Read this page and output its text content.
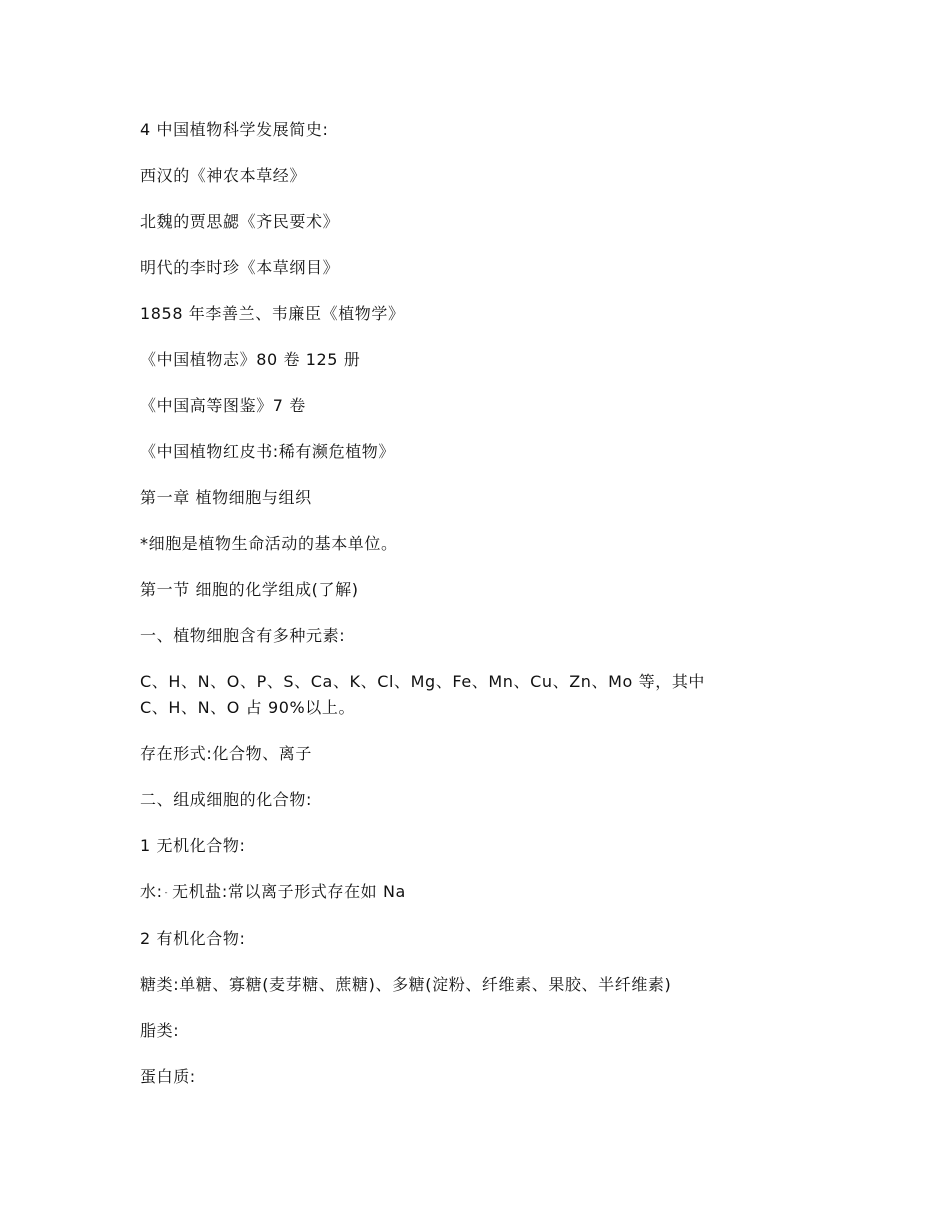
4 中国植物科学发展简史:
西汉的《神农本草经》
北魏的贾思勰《齐民要术》
明代的李时珍《本草纲目》
1858 年李善兰、韦廉臣《植物学》
《中国植物志》80 卷 125 册
《中国高等图鉴》7 卷
《中国植物红皮书:稀有濒危植物》
第一章 植物细胞与组织
*细胞是植物生命活动的基本单位。
第一节 细胞的化学组成(了解)
一、植物细胞含有多种元素:
C、H、N、O、P、S、Ca、K、Cl、Mg、Fe、Mn、Cu、Zn、Mo 等，其中
C、H、N、O 占 90%以上。
存在形式:化合物、离子
二、组成细胞的化合物:
1 无机化合物:
水: - 无机盐:常以离子形式存在如 Na
2 有机化合物:
糖类:单糖、寡糖(麦芽糖、蔗糖)、多糖(淀粉、纤维素、果胶、半纤维素)
脂类:
蛋白质:
